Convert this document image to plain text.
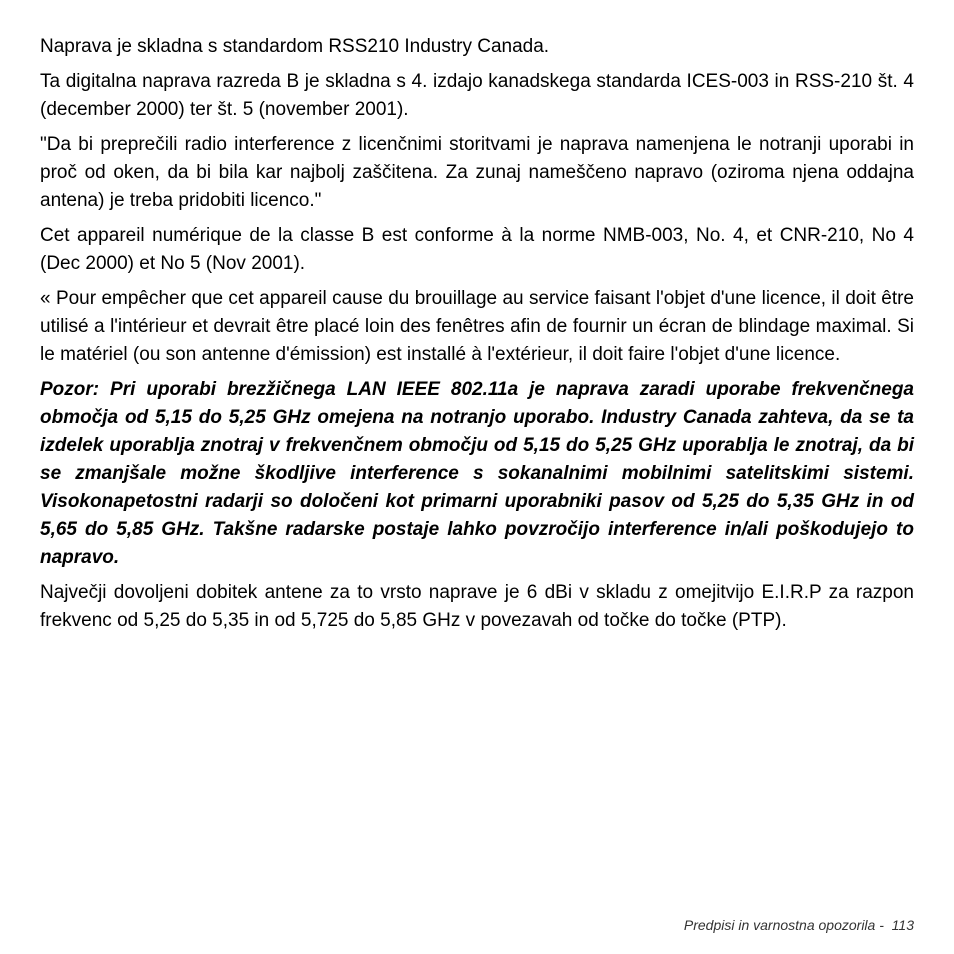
Naprava je skladna s standardom RSS210 Industry Canada.

Ta digitalna naprava razreda B je skladna s 4. izdajo kanadskega standarda ICES-003 in RSS-210 št. 4 (december 2000) ter št. 5 (november 2001).

"Da bi preprečili radio interference z licenčnimi storitvami je naprava namenjena le notranji uporabi in proč od oken, da bi bila kar najbolj zaščitena. Za zunaj nameščeno napravo (oziroma njena oddajna antena) je treba pridobiti licenco."

Cet appareil numérique de la classe B est conforme à la norme NMB-003, No. 4, et CNR-210, No 4 (Dec 2000) et No 5 (Nov 2001).

« Pour empêcher que cet appareil cause du brouillage au service faisant l'objet d'une licence, il doit être utilisé a l'intérieur et devrait être placé loin des fenêtres afin de fournir un écran de blindage maximal. Si le matériel (ou son antenne d'émission) est installé à l'extérieur, il doit faire l'objet d'une licence.

Pozor: Pri uporabi brezžičnega LAN IEEE 802.11a je naprava zaradi uporabe frekvenčnega območja od 5,15 do 5,25 GHz omejena na notranjo uporabo. Industry Canada zahteva, da se ta izdelek uporablja znotraj v frekvenčnem območju od 5,15 do 5,25 GHz uporablja le znotraj, da bi se zmanjšale možne škodljive interference s sokanalnimi mobilnimi satelitskimi sistemi. Visokonapetostni radarji so določeni kot primarni uporabniki pasov od 5,25 do 5,35 GHz in od 5,65 do 5,85 GHz. Takšne radarske postaje lahko povzročijo interference in/ali poškodujejo to napravo.

Največji dovoljeni dobitek antene za to vrsto naprave je 6 dBi v skladu z omejitvijo E.I.R.P za razpon frekvenc od 5,25 do 5,35 in od 5,725 do 5,85 GHz v povezavah od točke do točke (PTP).

Predpisi in varnostna opozorila -  113
